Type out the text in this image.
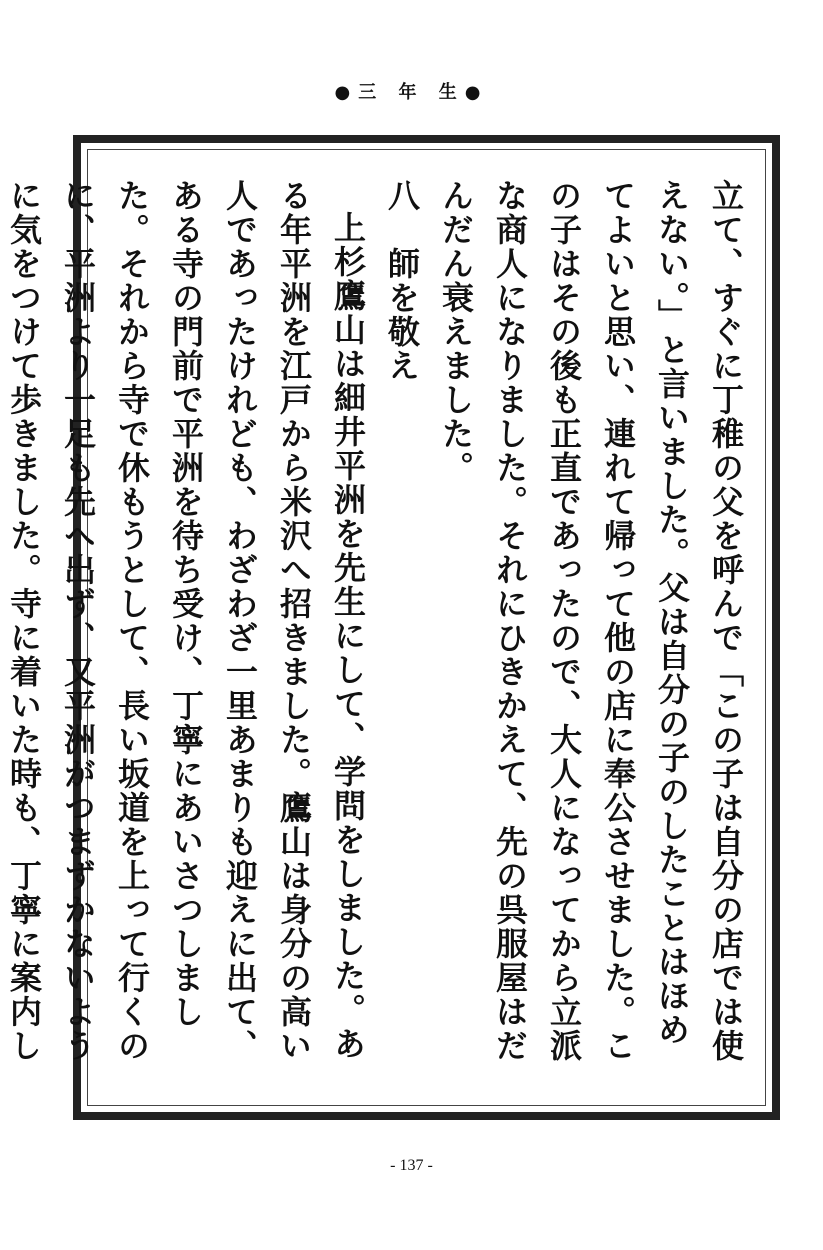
●三 年 生●

立て、すぐに丁稚の父を呼んで「この子は自分の店では使えない。」と言いました。父は自分の子のしたことはほめてよいと思い、連れて帰って他の店に奉公させました。この子はその後も正直であったので、大人になってから立派な商人になりました。それにひきかえて、先の呉服屋はだんだん衰えました。

八　師を敬え

上杉鷹山は細井平洲を先生にして、学問をしました。ある年平洲を江戸から米沢へ招きました。鷹山は身分の高い人であったけれども、わざわざ一里あまりも迎えに出て、ある寺の門前で平洲を待ち受け、丁寧にあいさつしました。それから寺で休もうとして、長い坂道を上って行くのに、平洲より一足も先へ出ず、又平洲がつまずかないように気をつけて歩きました。寺に着いた時も、丁寧に案内し

- 137 -
